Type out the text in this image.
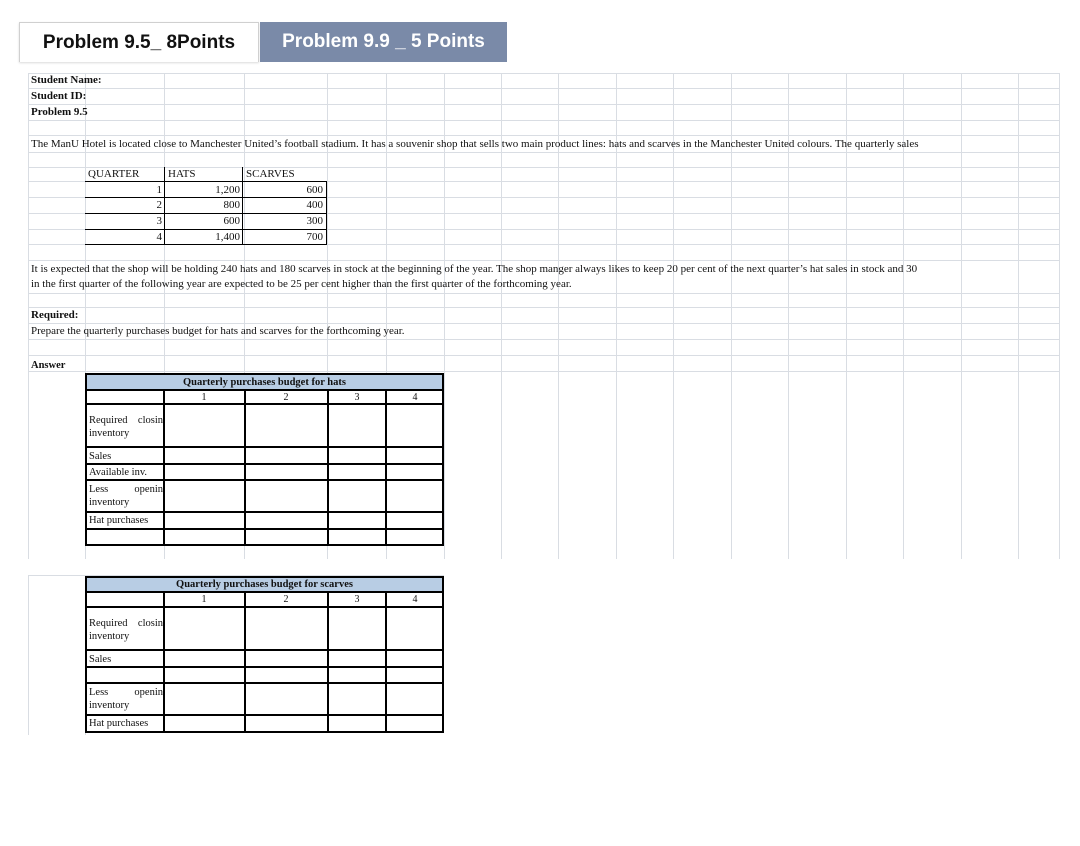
Problem 9.5_ 8Points	Problem 9.9 _ 5 Points
Student Name:
Student ID:
Problem 9.5
The ManU Hotel is located close to Manchester United’s football stadium. It has a souvenir shop that sells two main product lines: hats and scarves in the Manchester United colours. The quarterly sales
QUARTER	HATS	SCARVES
1	1,200	600
2	800	400
3	600	300
4	1,400	700
It is expected that the shop will be holding 240 hats and 180 scarves in stock at the beginning of the year. The shop manger always likes to keep 20 per cent of the next quarter’s hat sales in stock and 30
in the first quarter of the following year are expected to be 25 per cent higher than the first quarter of the forthcoming year.
Required:
Prepare the quarterly purchases budget for hats and scarves for the forthcoming year.
Answer
Quarterly purchases budget for hats
1	2	3	4
Required closin
inventory
Sales
Available inv.
Less openin
inventory
Hat purchases
Quarterly purchases budget for scarves
1	2	3	4
Required closin
inventory
Sales
Less openin
inventory
Hat purchases
